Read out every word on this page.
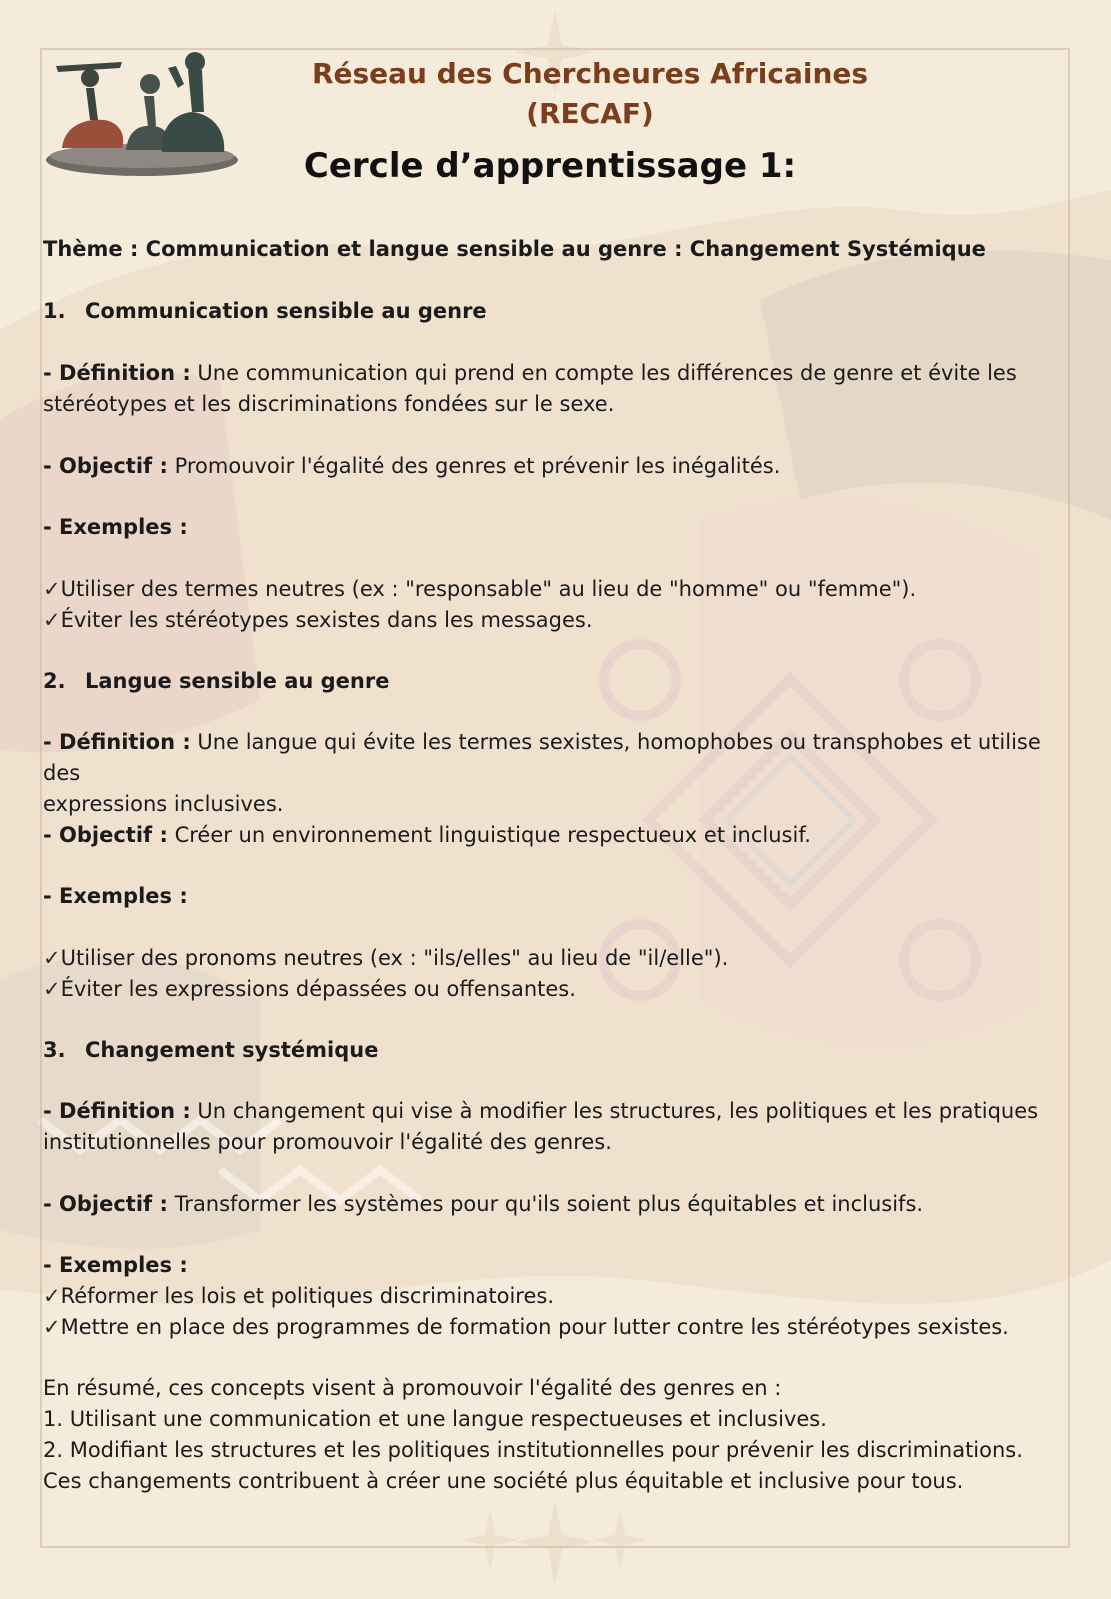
Réseau des Chercheures Africaines
(RECAF)
Cercle d’apprentissage 1:

Thème : Communication et langue sensible au genre : Changement Systémique

1. Communication sensible au genre

- Définition : Une communication qui prend en compte les différences de genre et évite les
stéréotypes et les discriminations fondées sur le sexe.

- Objectif : Promouvoir l'égalité des genres et prévenir les inégalités.

- Exemples :

✓Utiliser des termes neutres (ex : "responsable" au lieu de "homme" ou "femme").

✓Éviter les stéréotypes sexistes dans les messages.

2. Langue sensible au genre

- Définition : Une langue qui évite les termes sexistes, homophobes ou transphobes et utilise des
expressions inclusives.

- Objectif : Créer un environnement linguistique respectueux et inclusif.

- Exemples :

✓Utiliser des pronoms neutres (ex : "ils/elles" au lieu de "il/elle").

✓Éviter les expressions dépassées ou offensantes.

3. Changement systémique

- Définition : Un changement qui vise à modifier les structures, les politiques et les pratiques
institutionnelles pour promouvoir l'égalité des genres.

- Objectif : Transformer les systèmes pour qu'ils soient plus équitables et inclusifs.

- Exemples :

✓Réformer les lois et politiques discriminatoires.

✓Mettre en place des programmes de formation pour lutter contre les stéréotypes sexistes.

En résumé, ces concepts visent à promouvoir l'égalité des genres en :
1. Utilisant une communication et une langue respectueuses et inclusives.
2. Modifiant les structures et les politiques institutionnelles pour prévenir les discriminations.
Ces changements contribuent à créer une société plus équitable et inclusive pour tous.
